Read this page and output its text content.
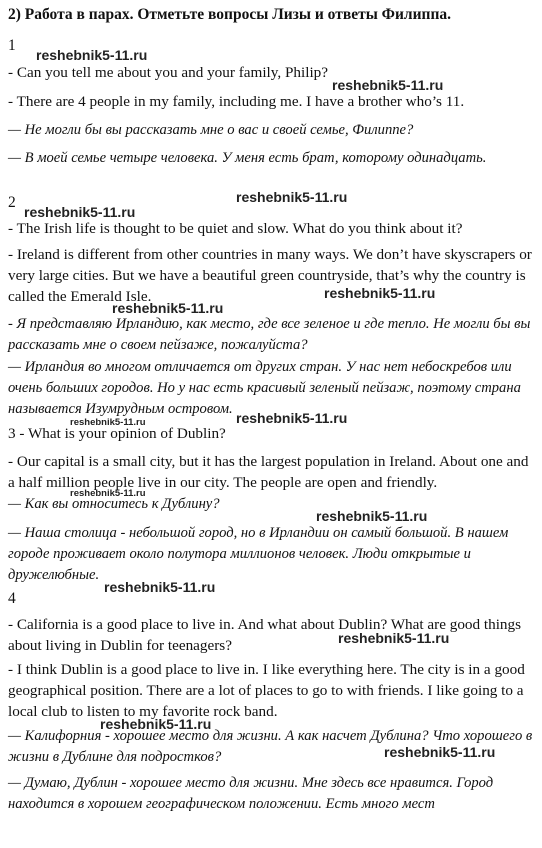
2) Работа в парах. Отметьте вопросы Лизы и ответы Филиппа.

1

- Can you tell me about you and your family, Philip?

- There are 4 people in my family, including me. I have a brother who’s 11.

— Не могли бы вы рассказать мне о вас и своей семье, Филиппе?

— В моей семье четыре человека. У меня есть брат, которому одинадцать.

2

- The Irish life is thought to be quiet and slow. What do you think about it?

- Ireland is different from other countries in many ways. We don’t have skyscrapers or very large cities. But we have a beautiful green countryside, that’s why the country is called the Emerald Isle.

- Я представляю Ирландию, как место, где все зеленое и где тепло. Не могли бы вы рассказать мне о своем пейзаже, пожалуйста?

— Ирландия во многом отличается от других стран. У нас нет небоскребов или очень больших городов. Но у нас есть красивый зеленый пейзаж, поэтому страна называется Изумрудным островом.

3 - What is your opinion of Dublin?

- Our capital is a small city, but it has the largest population in Ireland. About one and a half million people live in our city. The people are open and friendly.

— Как вы относитесь к Дублину?

— Наша столица - небольшой город, но в Ирландии он самый большой. В нашем городе проживает около полутора миллионов человек. Люди открытые и дружелюбные.

4

- California is a good place to live in. And what about Dublin? What are good things about living in Dublin for teenagers?

- I think Dublin is a good place to live in. I like everything here. The city is in a good geographical position. There are a lot of places to go to with friends. I like going to a local club to listen to my favorite rock band.

— Калифорния - хорошее место для жизни. А как насчет Дублина? Что хорошего в жизни в Дублине для подростков?

— Думаю, Дублин - хорошее место для жизни. Мне здесь все нравится. Город находится в хорошем географическом положении. Есть много мест

reshebnik5-11.ru
reshebnik5-11.ru
reshebnik5-11.ru
reshebnik5-11.ru
reshebnik5-11.ru
reshebnik5-11.ru
reshebnik5-11.ru	reshebnik5-11.ru
reshebnik5-11.ru
reshebnik5-11.ru
reshebnik5-11.ru
reshebnik5-11.ru
reshebnik5-11.ru
reshebnik5-11.ru
